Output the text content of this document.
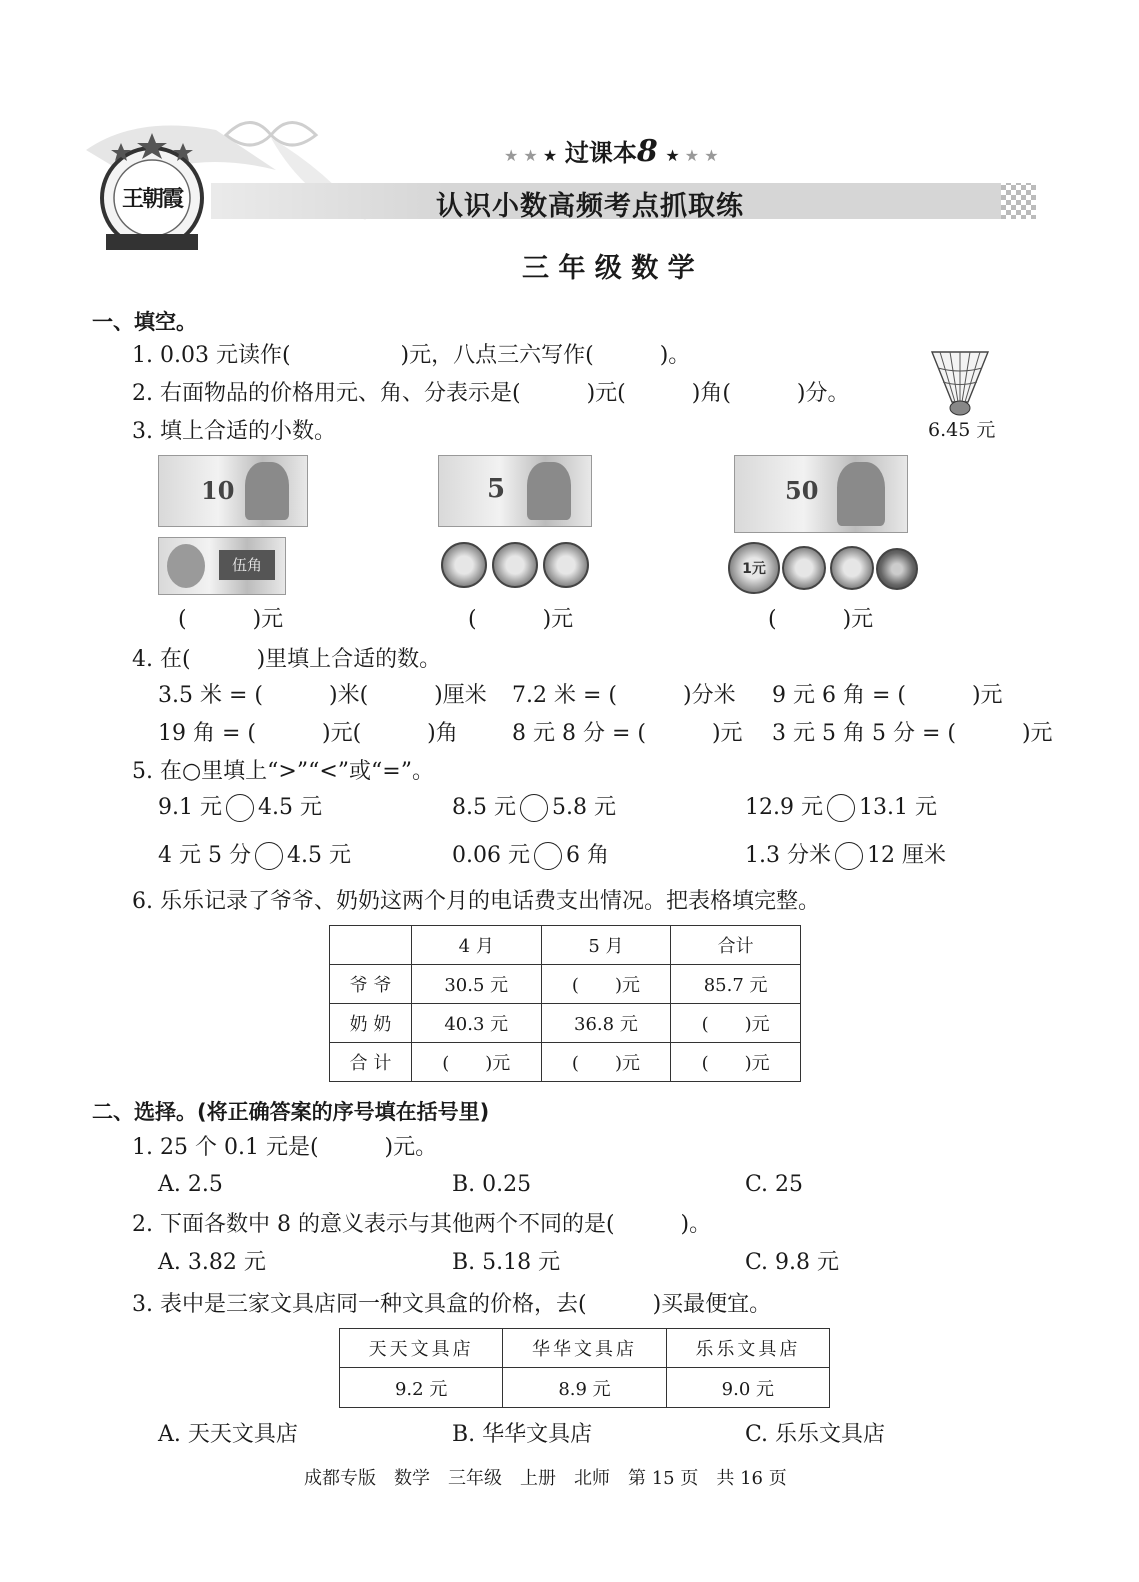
王朝霞
★ ★ ★ 过课本8 ★ ★ ★
认识小数高频考点抓取练
三 年 级 数 学
一、填空。
1. 0.03 元读作(　　　　　)元，八点三六写作(　　　)。
2. 右面物品的价格用元、角、分表示是(　　　)元(　　　)角(　　　)分。
6.45 元
3. 填上合适的小数。
10
伍角
(　　　)元
5
(　　　)元
50
1元
(　　　)元
4. 在(　　　)里填上合适的数。
3.5 米 = (　　　)米(　　　)厘米 7.2 米 = (　　　)分米 9 元 6 角 = (　　　)元
19 角 = (　　　)元(　　　)角 8 元 8 分 = (　　　)元 3 元 5 角 5 分 = (　　　)元
5. 在○里填上“>”“<”或“=”。
9.1 元 4.5 元	8.5 元 5.8 元	12.9 元 13.1 元
4 元 5 分 4.5 元	0.06 元 6 角	1.3 分米 12 厘米
6. 乐乐记录了爷爷、奶奶这两个月的电话费支出情况。把表格填完整。
	4 月	5 月	合计
爷 爷	30.5 元	(　　)元	85.7 元
奶 奶	40.3 元	36.8 元	(　　)元
合 计	(　　)元	(　　)元	(　　)元
二、选择。(将正确答案的序号填在括号里)
1. 25 个 0.1 元是(　　　)元。
A. 2.5	B. 0.25	C. 25
2. 下面各数中 8 的意义表示与其他两个不同的是(　　　)。
A. 3.82 元	B. 5.18 元	C. 9.8 元
3. 表中是三家文具店同一种文具盒的价格，去(　　　)买最便宜。
天天文具店	华华文具店	乐乐文具店
9.2 元	8.9 元	9.0 元
A. 天天文具店	B. 华华文具店	C. 乐乐文具店
成都专版　数学　三年级　上册　北师　第 15 页　共 16 页
